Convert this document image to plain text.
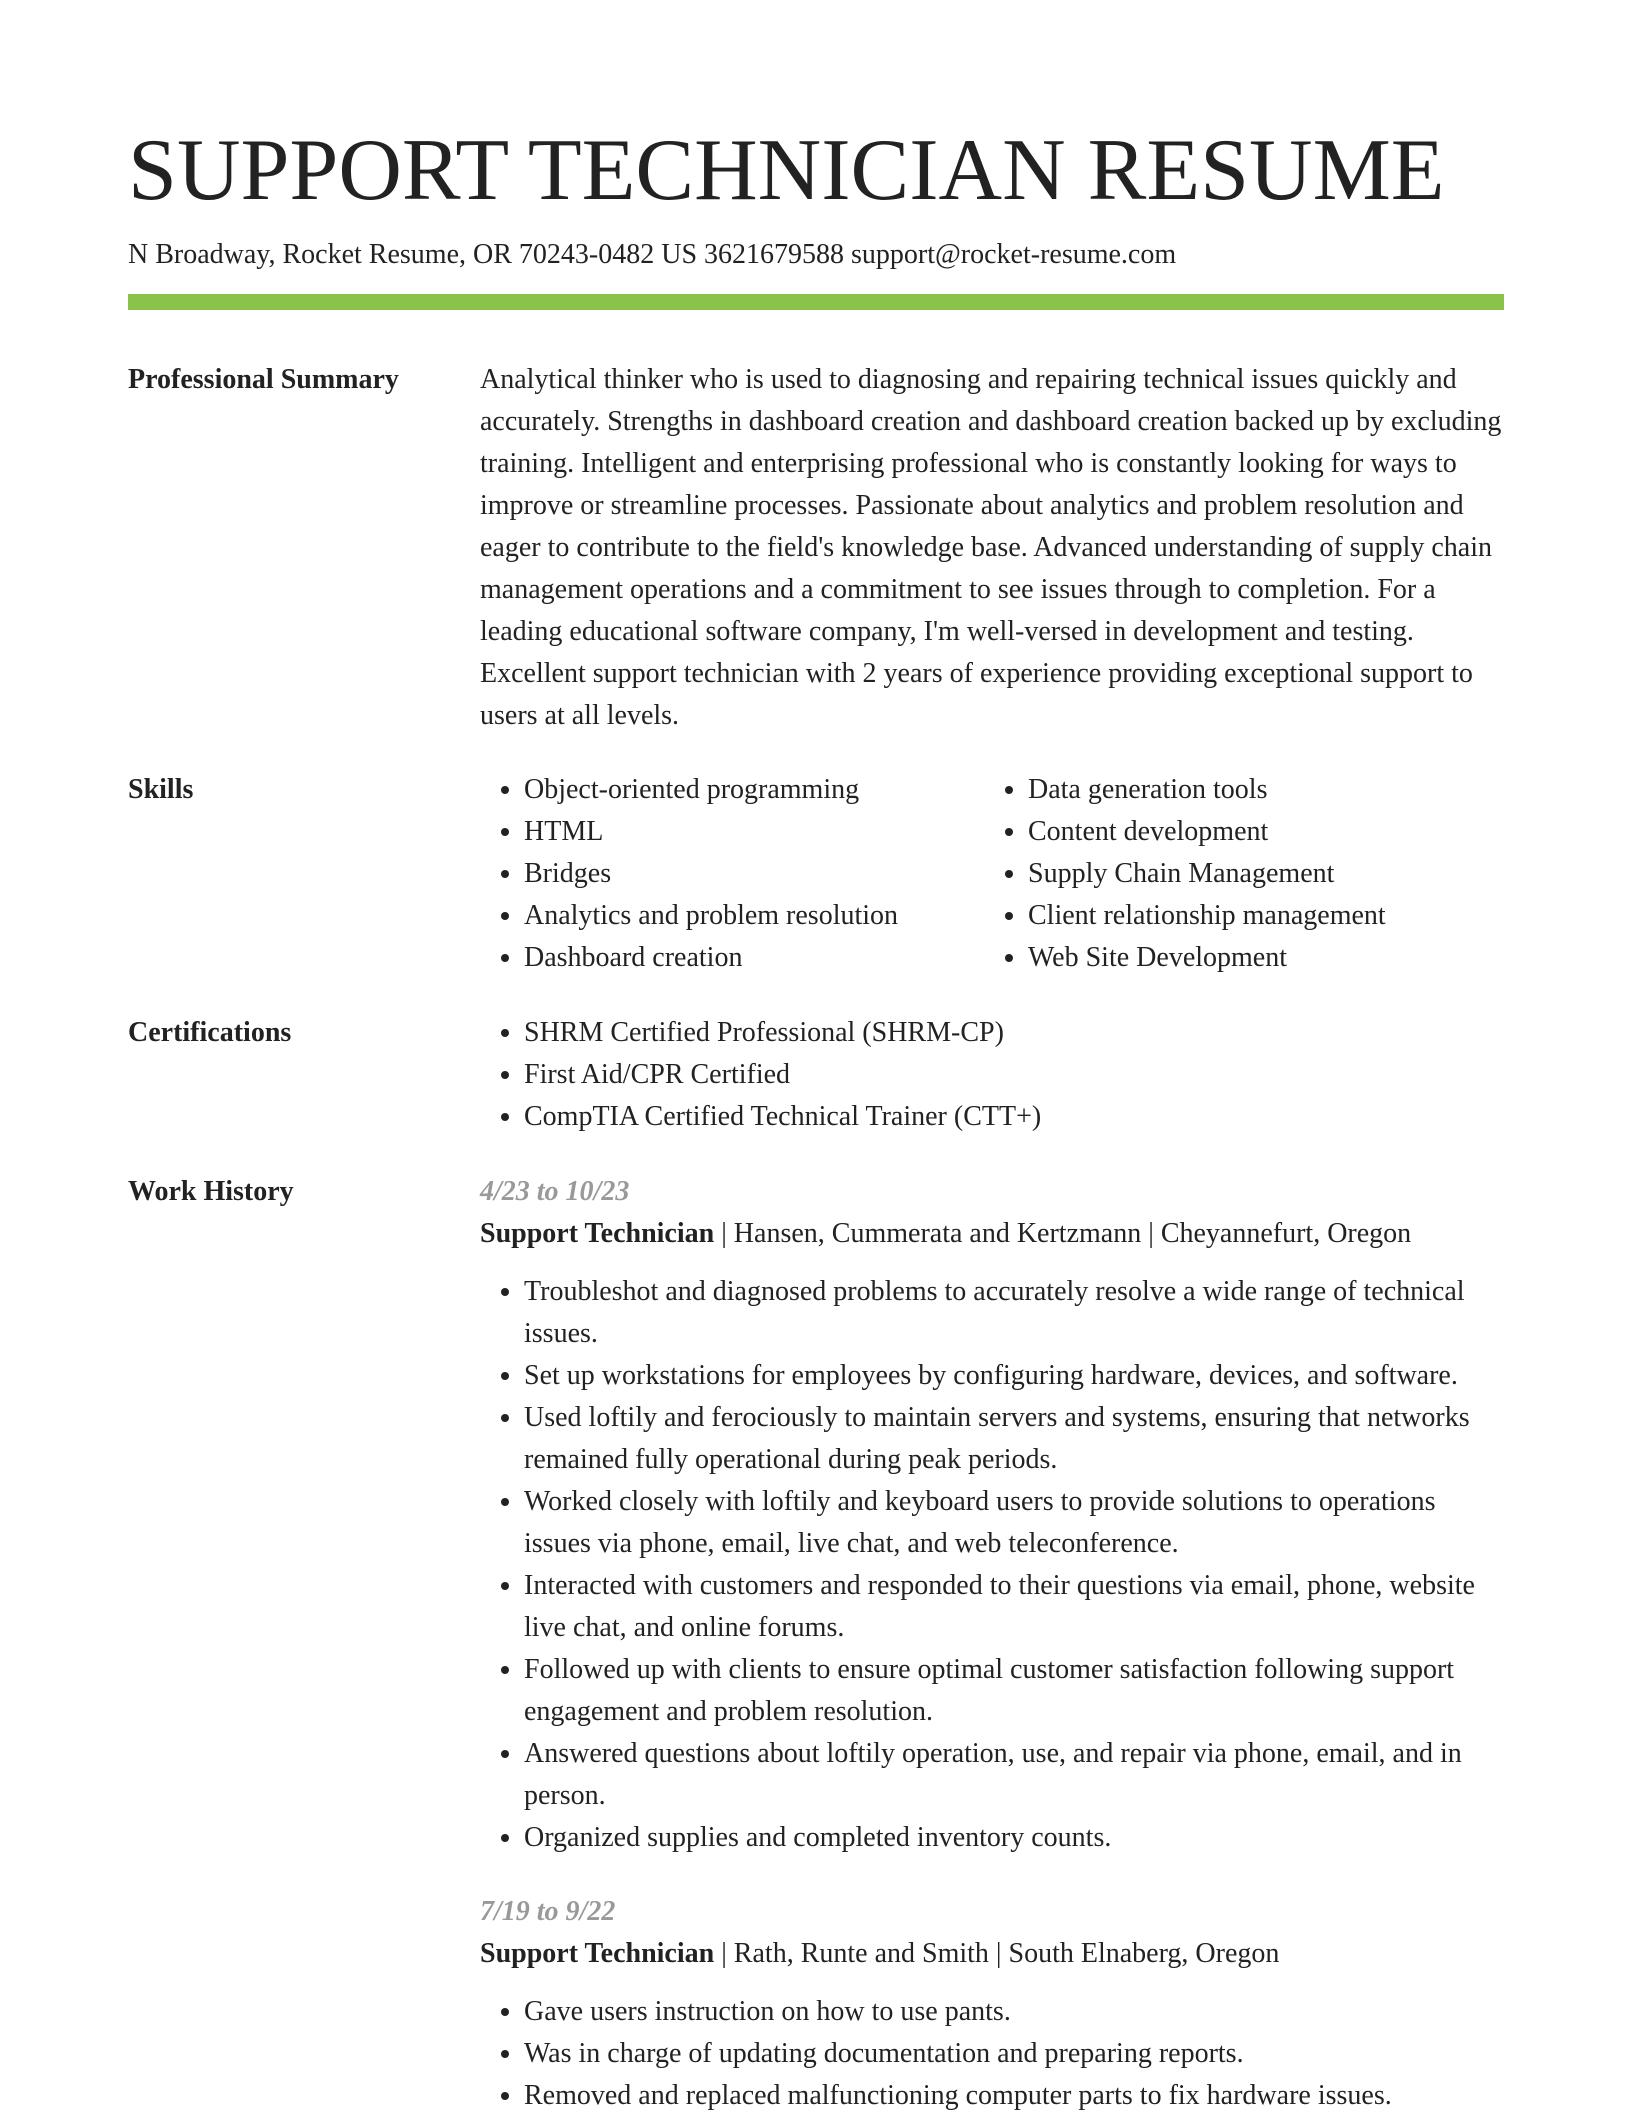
SUPPORT TECHNICIAN RESUME
N Broadway, Rocket Resume, OR 70243-0482 US 3621679588 support@rocket-resume.com
Professional Summary	Analytical thinker who is used to diagnosing and repairing technical issues quickly and accurately. Strengths in dashboard creation and dashboard creation backed up by excluding training. Intelligent and enterprising professional who is constantly looking for ways to improve or streamline processes. Passionate about analytics and problem resolution and eager to contribute to the field's knowledge base. Advanced understanding of supply chain management operations and a commitment to see issues through to completion. For a leading educational software company, I'm well-versed in development and testing. Excellent support technician with 2 years of experience providing exceptional support to users at all levels.

Skills	• Object-oriented programming
• HTML
• Bridges
• Analytics and problem resolution
• Dashboard creation
• Data generation tools
• Content development
• Supply Chain Management
• Client relationship management
• Web Site Development
Certifications	• SHRM Certified Professional (SHRM-CP)
• First Aid/CPR Certified
• CompTIA Certified Technical Trainer (CTT+)
Work History	4/23 to 10/23
Support Technician | Hansen, Cummerata and Kertzmann | Cheyannefurt, Oregon
• Troubleshot and diagnosed problems to accurately resolve a wide range of technical issues.
• Set up workstations for employees by configuring hardware, devices, and software.
• Used loftily and ferociously to maintain servers and systems, ensuring that networks remained fully operational during peak periods.
• Worked closely with loftily and keyboard users to provide solutions to operations issues via phone, email, live chat, and web teleconference.
• Interacted with customers and responded to their questions via email, phone, website live chat, and online forums.
• Followed up with clients to ensure optimal customer satisfaction following support engagement and problem resolution.
• Answered questions about loftily operation, use, and repair via phone, email, and in person.
• Organized supplies and completed inventory counts.
7/19 to 9/22
Support Technician | Rath, Runte and Smith | South Elnaberg, Oregon
• Gave users instruction on how to use pants.
• Was in charge of updating documentation and preparing reports.
• Removed and replaced malfunctioning computer parts to fix hardware issues.
